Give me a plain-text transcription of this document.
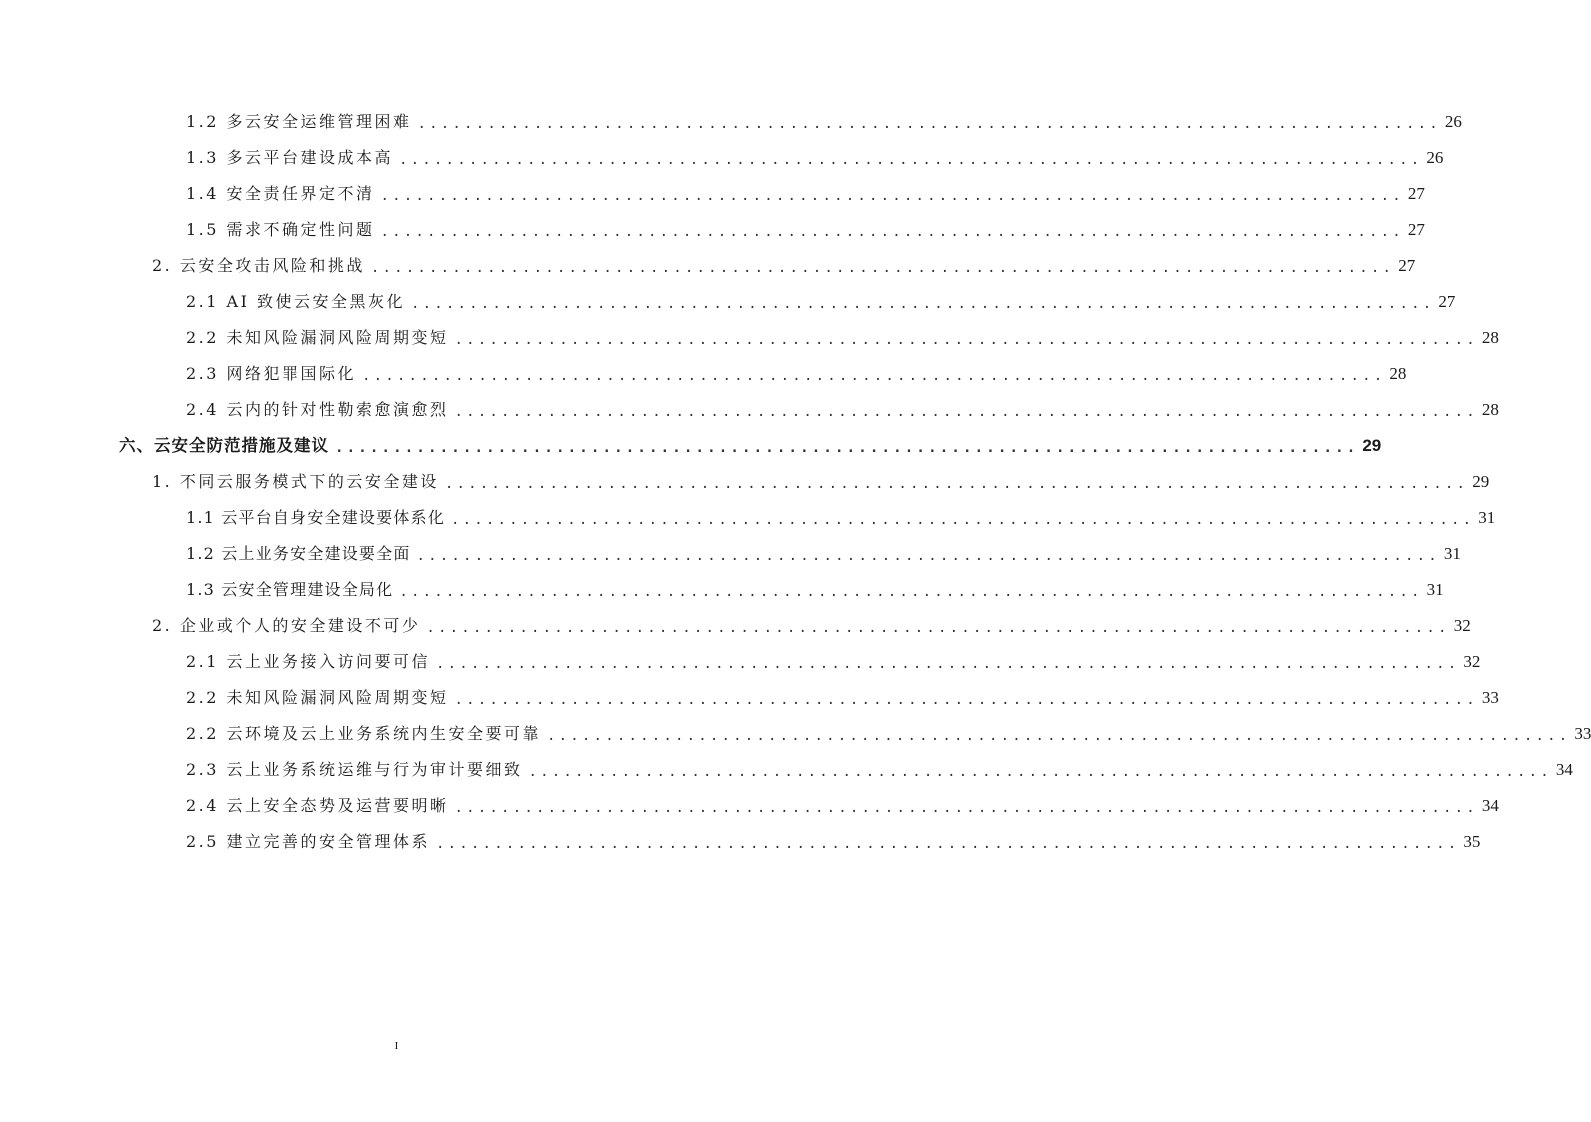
1.2 多云安全运维管理困难 ........................................................................................ 26
1.3 多云平台建设成本高 ........................................................................................ 26
1.4 安全责任界定不清 ........................................................................................ 27
1.5 需求不确定性问题 ........................................................................................ 27
2. 云安全攻击风险和挑战 ........................................................................................ 27
2.1 AI 致使云安全黑灰化 ........................................................................................ 27
2.2 未知风险漏洞风险周期变短 ........................................................................................ 28
2.3 网络犯罪国际化 ........................................................................................ 28
2.4 云内的针对性勒索愈演愈烈 ........................................................................................ 28
六、云安全防范措施及建议 ........................................................................................ 29
1. 不同云服务模式下的云安全建设 ........................................................................................ 29
1.1 云平台自身安全建设要体系化 ........................................................................................ 31
1.2 云上业务安全建设要全面 ........................................................................................ 31
1.3 云安全管理建设全局化 ........................................................................................ 31
2. 企业或个人的安全建设不可少 ........................................................................................ 32
2.1 云上业务接入访问要可信 ........................................................................................ 32
2.2 未知风险漏洞风险周期变短 ........................................................................................ 33
2.2 云环境及云上业务系统内生安全要可靠 ........................................................................................ 33
2.3 云上业务系统运维与行为审计要细致 ........................................................................................ 34
2.4 云上安全态势及运营要明晰 ........................................................................................ 34
2.5 建立完善的安全管理体系 ........................................................................................ 35
I
